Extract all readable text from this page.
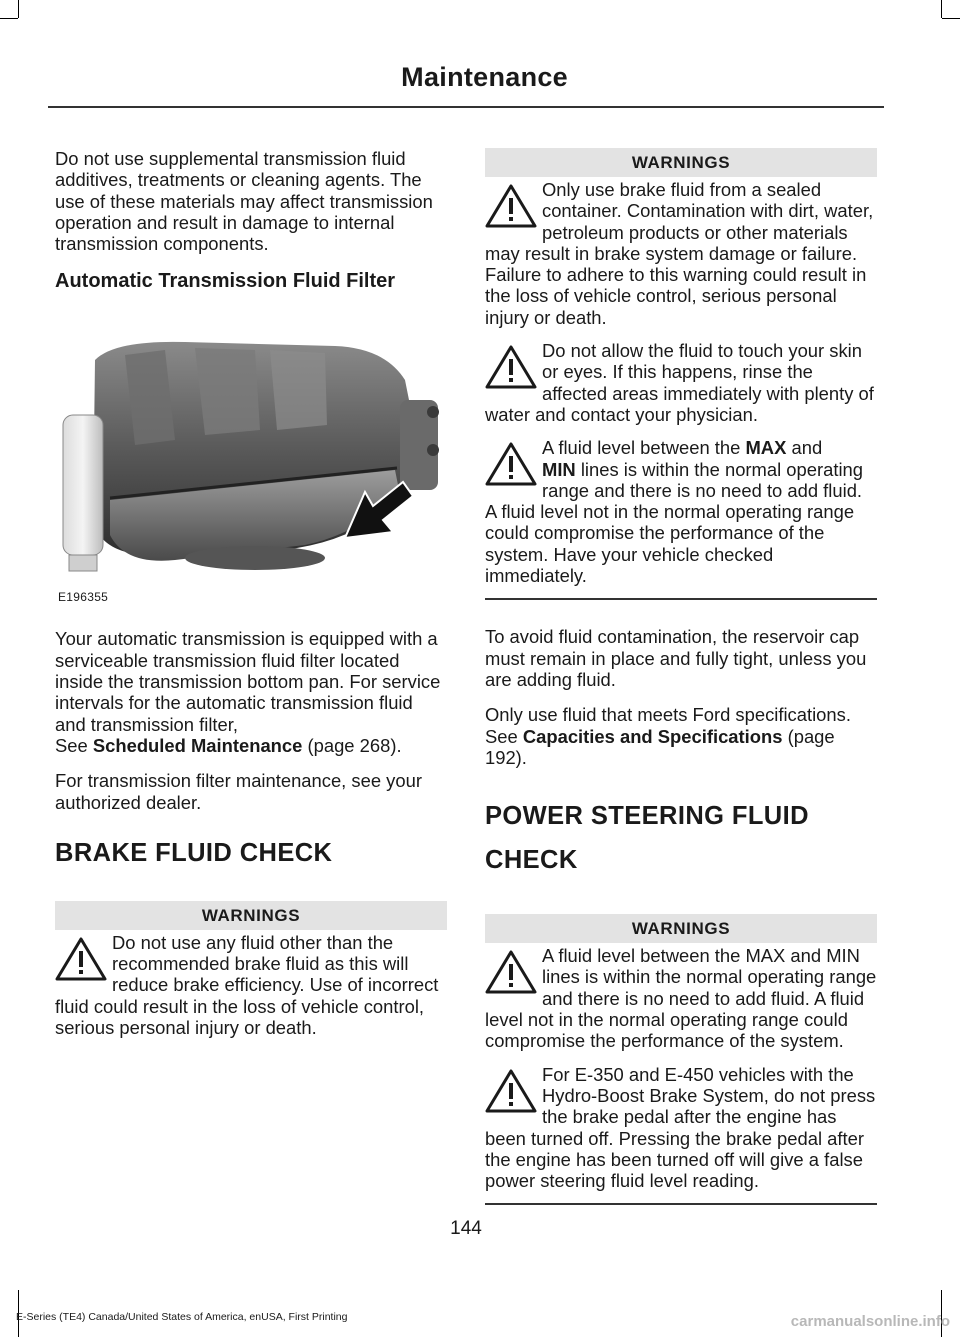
Maintenance

Do not use supplemental transmission fluid additives, treatments or cleaning agents. The use of these materials may affect transmission operation and result in damage to internal transmission components.

Automatic Transmission Fluid Filter
E196355

Your automatic transmission is equipped with a serviceable transmission fluid filter located inside the transmission bottom pan. For service intervals for the automatic transmission fluid and transmission filter,
See Scheduled Maintenance (page 268).

For transmission filter maintenance, see your authorized dealer.

BRAKE FLUID CHECK
WARNINGS

Do not use any fluid other than the recommended brake fluid as this will reduce brake efficiency. Use of incorrect fluid could result in the loss of vehicle control, serious personal injury or death.

WARNINGS

Only use brake fluid from a sealed container. Contamination with dirt, water, petroleum products or other materials may result in brake system damage or failure. Failure to adhere to this warning could result in the loss of vehicle control, serious personal injury or death.

Do not allow the fluid to touch your skin or eyes. If this happens, rinse the affected areas immediately with plenty of water and contact your physician.

A fluid level between the MAX and
MIN lines is within the normal operating range and there is no need to add fluid. A fluid level not in the normal operating range could compromise the performance of the system. Have your vehicle checked immediately.

To avoid fluid contamination, the reservoir cap must remain in place and fully tight, unless you are adding fluid.

Only use fluid that meets Ford specifications. See Capacities and Specifications (page 192).

POWER STEERING FLUID
CHECK
WARNINGS

A fluid level between the MAX and MIN lines is within the normal operating range and there is no need to add fluid. A fluid level not in the normal operating range could compromise the performance of the system.

For E-350 and E-450 vehicles with the Hydro-Boost Brake System, do not press the brake pedal after the engine has been turned off. Pressing the brake pedal after the engine has been turned off will give a false power steering fluid level reading.

144
E-Series (TE4) Canada/United States of America, enUSA, First Printing	carmanualsonline.info
